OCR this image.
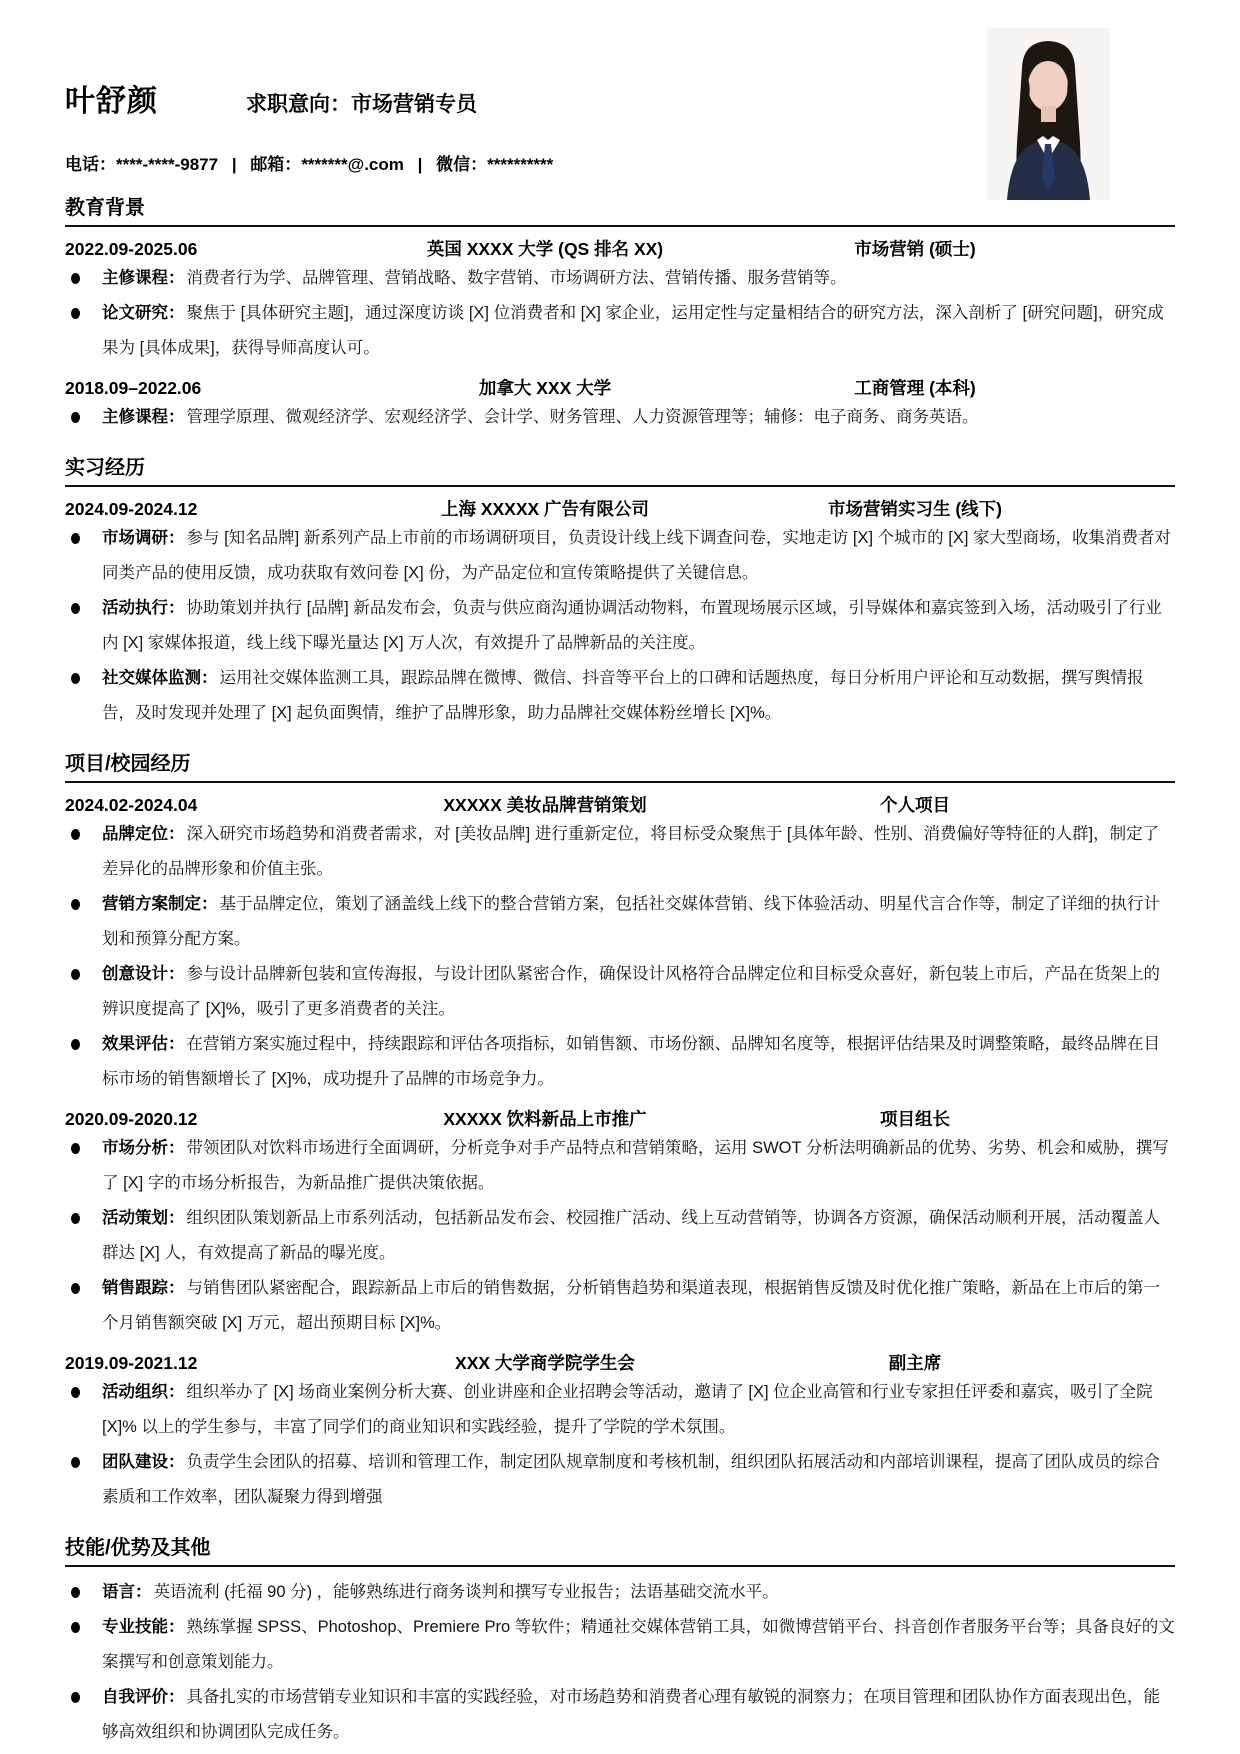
叶舒颜	求职意向：市场营销专员
电话：****-****-9877 | 邮箱：*******@.com | 微信：**********
教育背景
2022.09-2025.06	英国 XXXX 大学 (QS 排名 XX)	市场营销 (硕士)

主修课程： 消费者行为学、品牌管理、营销战略、数字营销、市场调研方法、营销传播、服务营销等。

论文研究： 聚焦于 [具体研究主题]，通过深度访谈 [X] 位消费者和 [X] 家企业，运用定性与定量相结合的研究方法，深入剖析了 [研究问题]，研究成果为 [具体成果]，获得导师高度认可。

2018.09–2022.06	加拿大 XXX 大学	工商管理 (本科)

主修课程： 管理学原理、微观经济学、宏观经济学、会计学、财务管理、人力资源管理等；辅修：电子商务、商务英语。

实习经历
2024.09-2024.12	上海 XXXXX 广告有限公司	市场营销实习生 (线下)

市场调研： 参与 [知名品牌] 新系列产品上市前的市场调研项目，负责设计线上线下调查问卷，实地走访 [X] 个城市的 [X] 家大型商场，收集消费者对同类产品的使用反馈，成功获取有效问卷 [X] 份，为产品定位和宣传策略提供了关键信息。

活动执行： 协助策划并执行 [品牌] 新品发布会，负责与供应商沟通协调活动物料，布置现场展示区域，引导媒体和嘉宾签到入场，活动吸引了行业内 [X] 家媒体报道，线上线下曝光量达 [X] 万人次，有效提升了品牌新品的关注度。

社交媒体监测： 运用社交媒体监测工具，跟踪品牌在微博、微信、抖音等平台上的口碑和话题热度，每日分析用户评论和互动数据，撰写舆情报告，及时发现并处理了 [X] 起负面舆情，维护了品牌形象，助力品牌社交媒体粉丝增长 [X]%。

项目/校园经历
2024.02-2024.04	XXXXX 美妆品牌营销策划	个人项目

品牌定位： 深入研究市场趋势和消费者需求，对 [美妆品牌] 进行重新定位，将目标受众聚焦于 [具体年龄、性别、消费偏好等特征的人群]，制定了差异化的品牌形象和价值主张。

营销方案制定： 基于品牌定位，策划了涵盖线上线下的整合营销方案，包括社交媒体营销、线下体验活动、明星代言合作等，制定了详细的执行计划和预算分配方案。

创意设计： 参与设计品牌新包装和宣传海报，与设计团队紧密合作，确保设计风格符合品牌定位和目标受众喜好，新包装上市后，产品在货架上的辨识度提高了 [X]%，吸引了更多消费者的关注。

效果评估： 在营销方案实施过程中，持续跟踪和评估各项指标，如销售额、市场份额、品牌知名度等，根据评估结果及时调整策略，最终品牌在目标市场的销售额增长了 [X]%，成功提升了品牌的市场竞争力。

2020.09-2020.12	XXXXX 饮料新品上市推广	项目组长

市场分析： 带领团队对饮料市场进行全面调研，分析竞争对手产品特点和营销策略，运用 SWOT 分析法明确新品的优势、劣势、机会和威胁，撰写了 [X] 字的市场分析报告，为新品推广提供决策依据。

活动策划： 组织团队策划新品上市系列活动，包括新品发布会、校园推广活动、线上互动营销等，协调各方资源，确保活动顺利开展，活动覆盖人群达 [X] 人，有效提高了新品的曝光度。

销售跟踪： 与销售团队紧密配合，跟踪新品上市后的销售数据，分析销售趋势和渠道表现，根据销售反馈及时优化推广策略，新品在上市后的第一个月销售额突破 [X] 万元，超出预期目标 [X]%。

2019.09-2021.12	XXX 大学商学院学生会	副主席

活动组织： 组织举办了 [X] 场商业案例分析大赛、创业讲座和企业招聘会等活动，邀请了 [X] 位企业高管和行业专家担任评委和嘉宾，吸引了全院 [X]% 以上的学生参与，丰富了同学们的商业知识和实践经验，提升了学院的学术氛围。

团队建设： 负责学生会团队的招募、培训和管理工作，制定团队规章制度和考核机制，组织团队拓展活动和内部培训课程，提高了团队成员的综合素质和工作效率，团队凝聚力得到增强

技能/优势及其他

语言： 英语流利 (托福 90 分) ，能够熟练进行商务谈判和撰写专业报告；法语基础交流水平。

专业技能： 熟练掌握 SPSS、Photoshop、Premiere Pro 等软件；精通社交媒体营销工具，如微博营销平台、抖音创作者服务平台等；具备良好的文案撰写和创意策划能力。

自我评价： 具备扎实的市场营销专业知识和丰富的实践经验，对市场趋势和消费者心理有敏锐的洞察力；在项目管理和团队协作方面表现出色，能够高效组织和协调团队完成任务。
